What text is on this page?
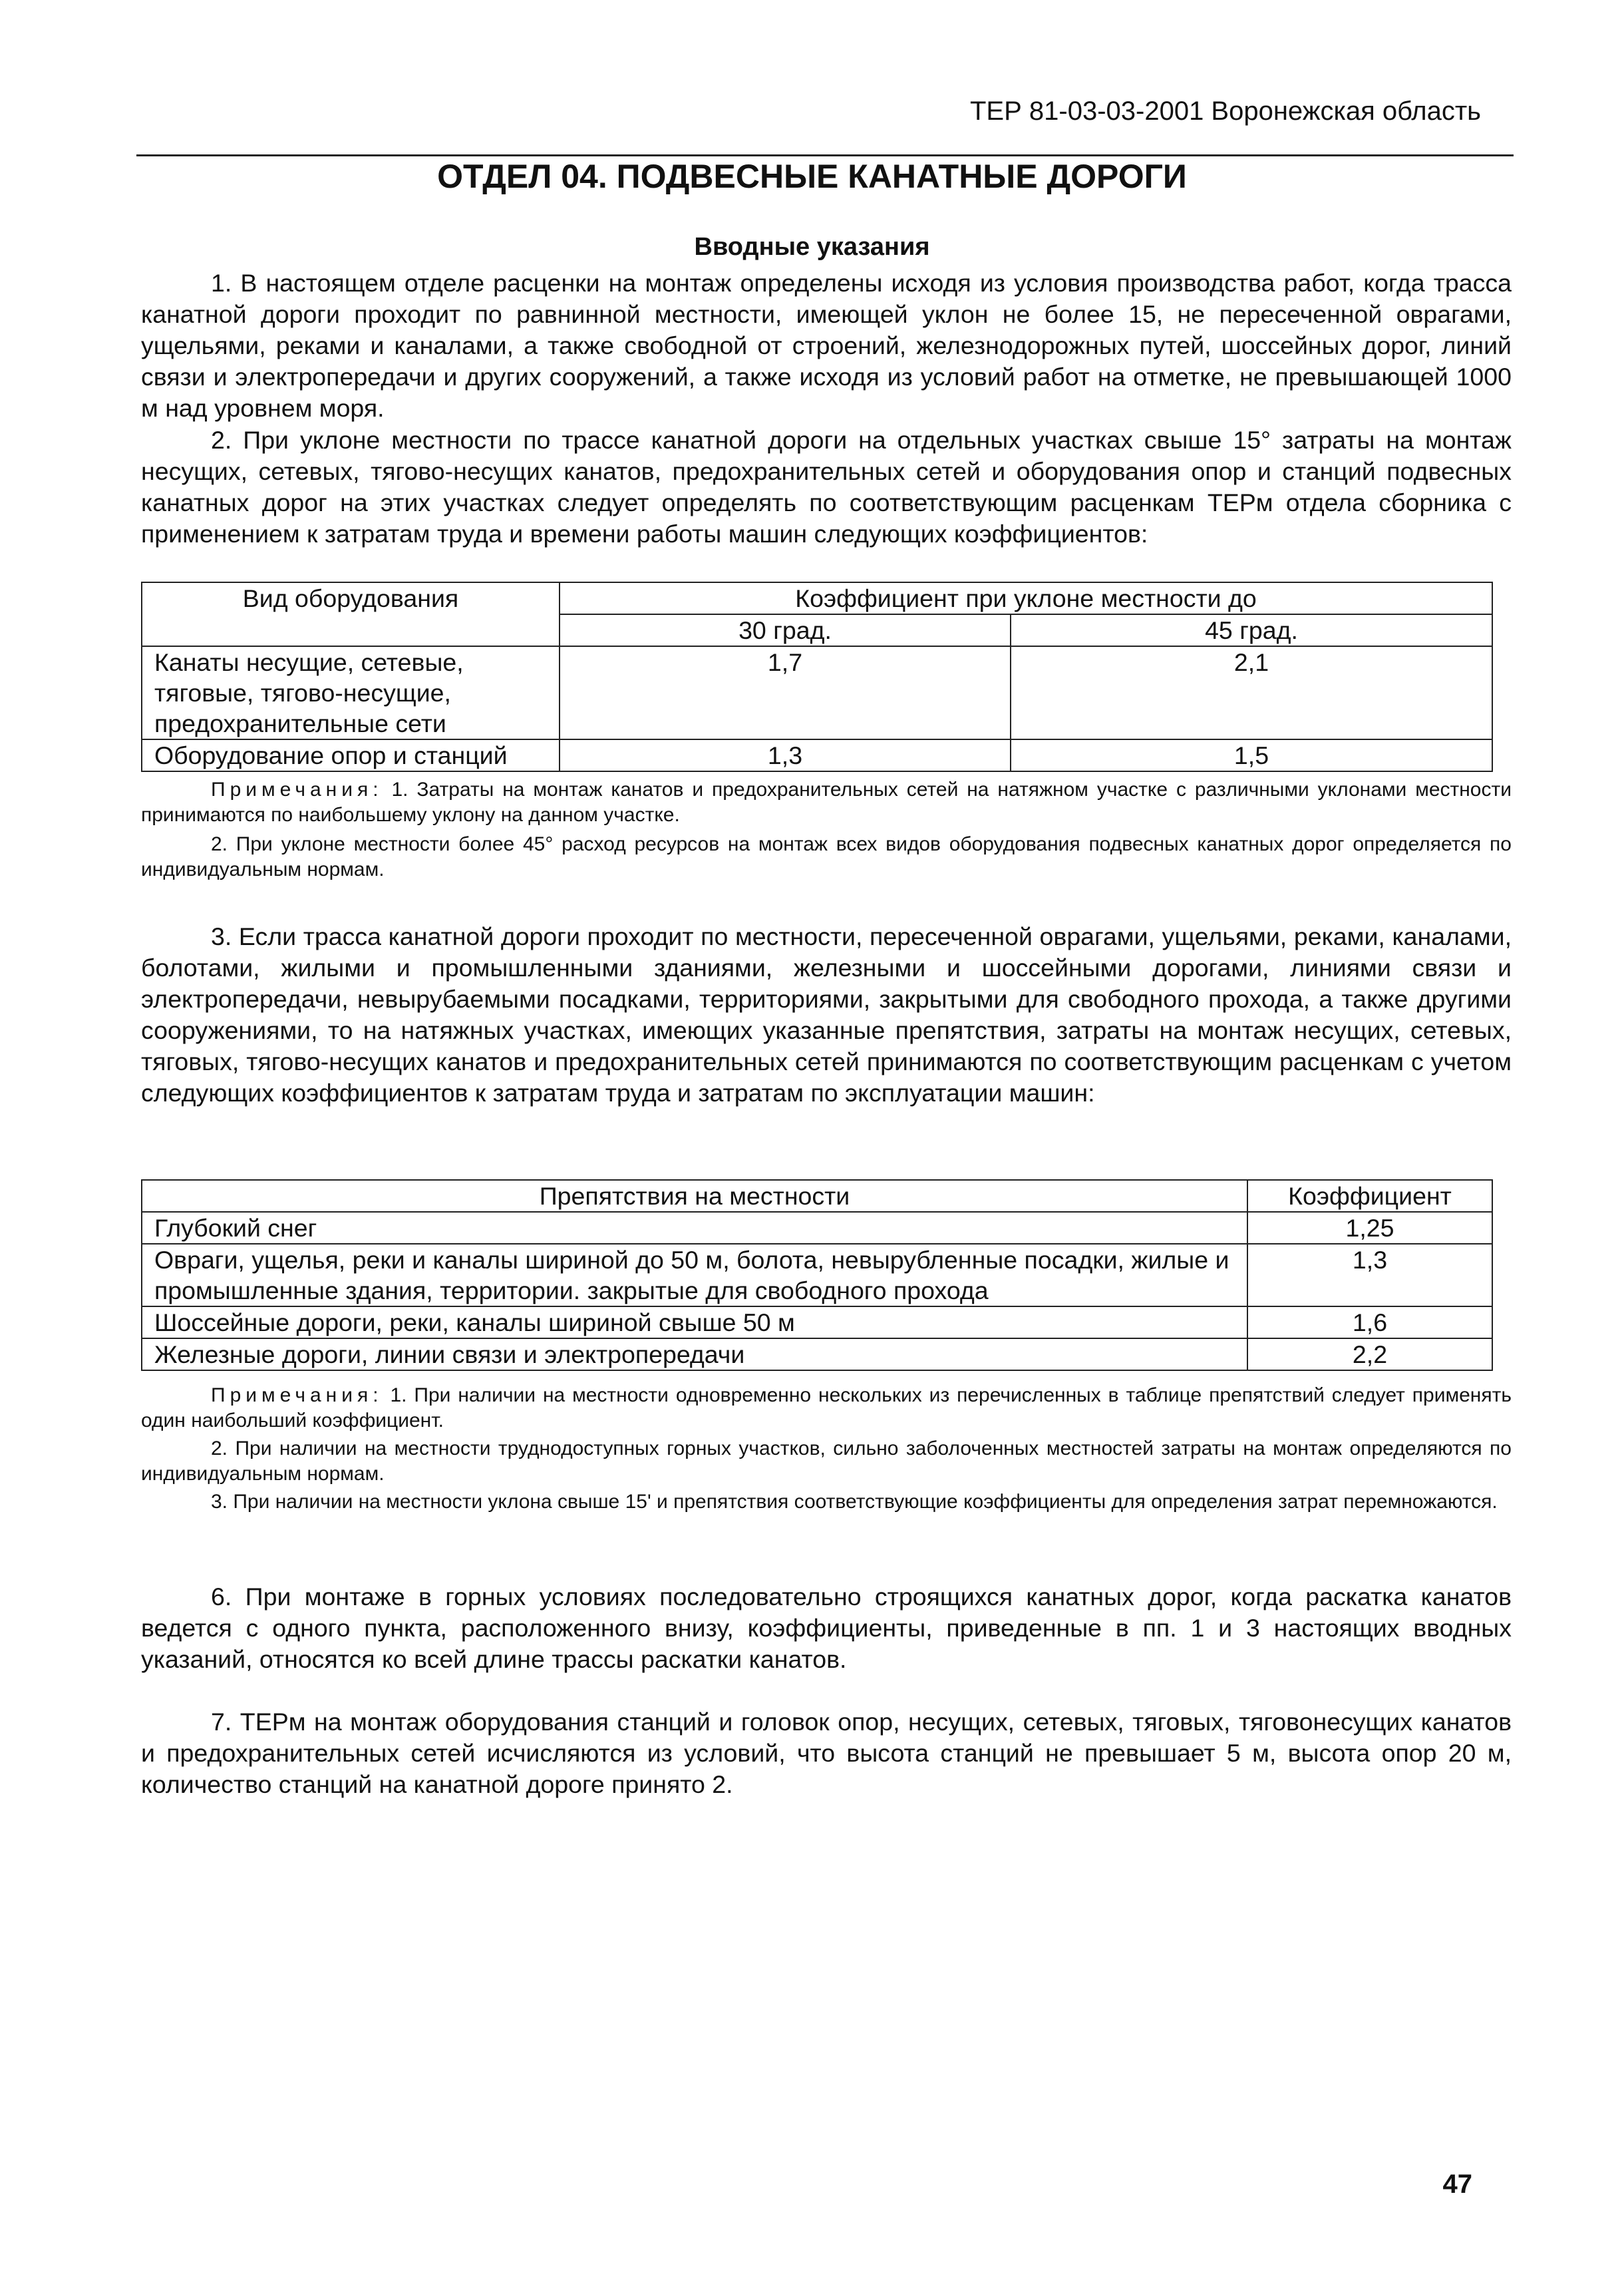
ТЕР 81-03-03-2001 Воронежская область
ОТДЕЛ 04. ПОДВЕСНЫЕ КАНАТНЫЕ ДОРОГИ
Вводные указания
1. В настоящем отделе расценки на монтаж определены исходя из условия производства работ, когда трасса канатной дороги проходит по равнинной местности, имеющей уклон не более 15, не пересеченной оврагами, ущельями, реками и каналами, а также свободной от строений, железнодорожных путей, шоссейных дорог, линий связи и электропередачи и других сооружений, а также исходя из условий работ на отметке, не превышающей 1000 м над уровнем моря.
2. При уклоне местности по трассе канатной дороги на отдельных участках свыше 15° затраты на монтаж несущих, сетевых, тягово-несущих канатов, предохранительных сетей и оборудования опор и станций подвесных канатных дорог на этих участках следует определять по соответствующим расценкам ТЕРм отдела сборника с применением к затратам труда и времени работы машин следующих коэффициентов:
Вид оборудования	Коэффициент при уклоне местности до	
	30 град.	45 град.
Канаты несущие, сетевые, тяговые, тягово-несущие, предохранительные сети	1,7	2,1
Оборудование опор и станций	1,3	1,5
Примечания: 1. Затраты на монтаж канатов и предохранительных сетей на натяжном участке с различными уклонами местности принимаются по наибольшему уклону на данном участке.
2. При уклоне местности более 45° расход ресурсов на монтаж всех видов оборудования подвесных канатных дорог определяется по индивидуальным нормам.
3. Если трасса канатной дороги проходит по местности, пересеченной оврагами, ущельями, реками, каналами, болотами, жилыми и промышленными зданиями, железными и шоссейными дорогами, линиями связи и электропередачи, невырубаемыми посадками, территориями, закрытыми для свободного прохода, а также другими сооружениями, то на натяжных участках, имеющих указанные препятствия, затраты на монтаж несущих, сетевых, тяговых, тягово-несущих канатов и предохранительных сетей принимаются по соответствующим расценкам с учетом следующих коэффициентов к затратам труда и затратам по эксплуатации машин:
Препятствия на местности	Коэффициент
Глубокий снег	1,25
Овраги, ущелья, реки и каналы шириной до 50 м, болота, невырубленные посадки, жилые и промышленные здания, территории. закрытые для свободного прохода	1,3
Шоссейные дороги, реки, каналы шириной свыше 50 м	1,6
Железные дороги, линии связи и электропередачи	2,2
Примечания: 1. При наличии на местности одновременно нескольких из перечисленных в таблице препятствий следует применять один наибольший коэффициент.
2. При наличии на местности труднодоступных горных участков, сильно заболоченных местностей затраты на монтаж определяются по индивидуальным нормам.
3. При наличии на местности уклона свыше 15' и препятствия соответствующие коэффициенты для определения затрат перемножаются.
6. При монтаже в горных условиях последовательно строящихся канатных дорог, когда раскатка канатов ведется с одного пункта, расположенного внизу, коэффициенты, приведенные в пп. 1 и 3 настоящих вводных указаний, относятся ко всей длине трассы раскатки канатов.
7. ТЕРм на монтаж оборудования станций и головок опор, несущих, сетевых, тяговых, тяговонесущих канатов и предохранительных сетей исчисляются из условий, что высота станций не превышает 5 м, высота опор 20 м, количество станций на канатной дороге принято 2.
47
